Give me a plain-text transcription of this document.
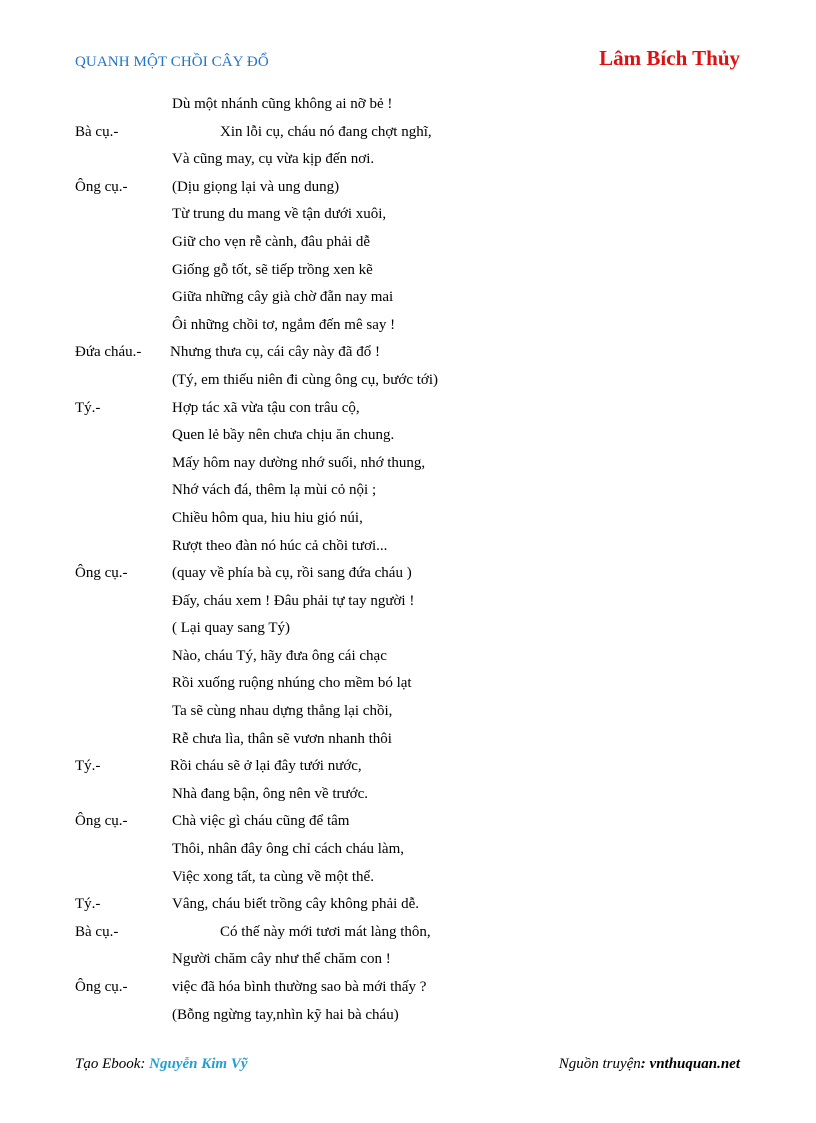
QUANH MỘT CHỒI CÂY ĐỔ	Lâm Bích Thủy
Dù một nhánh cũng không ai nỡ bẻ !
Bà cụ.-	Xin lỗi cụ, cháu nó đang chợt nghĩ,
Và cũng may, cụ vừa kịp đến nơi.
Ông cụ.-	(Dịu giọng lại và ung dung)
Từ trung du mang về tận dưới xuôi,
Giữ cho vẹn rễ cành, đâu phải dễ
Giống gỗ tốt, sẽ tiếp trồng xen kẽ
Giữa những cây già chờ đẵn nay mai
Ôi những chồi tơ, ngắm đến mê say !
Đứa cháu.- Nhưng thưa cụ, cái cây này đã đổ !
(Tý, em thiếu niên đi cùng ông cụ, bước tới)
Tý.-	Hợp tác xã vừa tậu con trâu cộ,
Quen lẻ bầy nên chưa chịu ăn chung.
Mấy hôm nay dường nhớ suối, nhớ thung,
Nhớ vách đá, thêm lạ mùi cỏ nội ;
Chiều hôm qua, hiu hiu gió núi,
Rượt theo đàn nó húc cả chồi tươi...
Ông cụ.-	(quay về phía bà cụ, rồi sang đứa cháu )
Đấy, cháu xem ! Đâu phải tự tay người !
( Lại quay sang Tý)
Nào, cháu Tý, hãy đưa ông cái chạc
Rồi xuống ruộng nhúng cho mềm bó lạt
Ta sẽ cùng nhau dựng thẳng lại chồi,
Rễ chưa lìa, thân sẽ vươn nhanh thôi
Tý.-	Rồi cháu sẽ ở lại đây tưới nước,
Nhà đang bận, ông nên về trước.
Ông cụ.-	Chà việc gì cháu cũng để tâm
Thôi, nhân đây ông chỉ cách cháu làm,
Việc xong tất, ta cùng về một thể.
Tý.-	Vâng, cháu biết trồng cây không phải dễ.
Bà cụ.-	Có thế này mới tươi mát làng thôn,
Người chăm cây như thể chăm con !
Ông cụ.-	việc đã hóa bình thường sao bà mới thấy ?
(Bỗng ngừng tay,nhìn kỹ hai bà cháu)
Tạo Ebook: Nguyễn Kim Vỹ	Nguồn truyện: vnthuquan.net
